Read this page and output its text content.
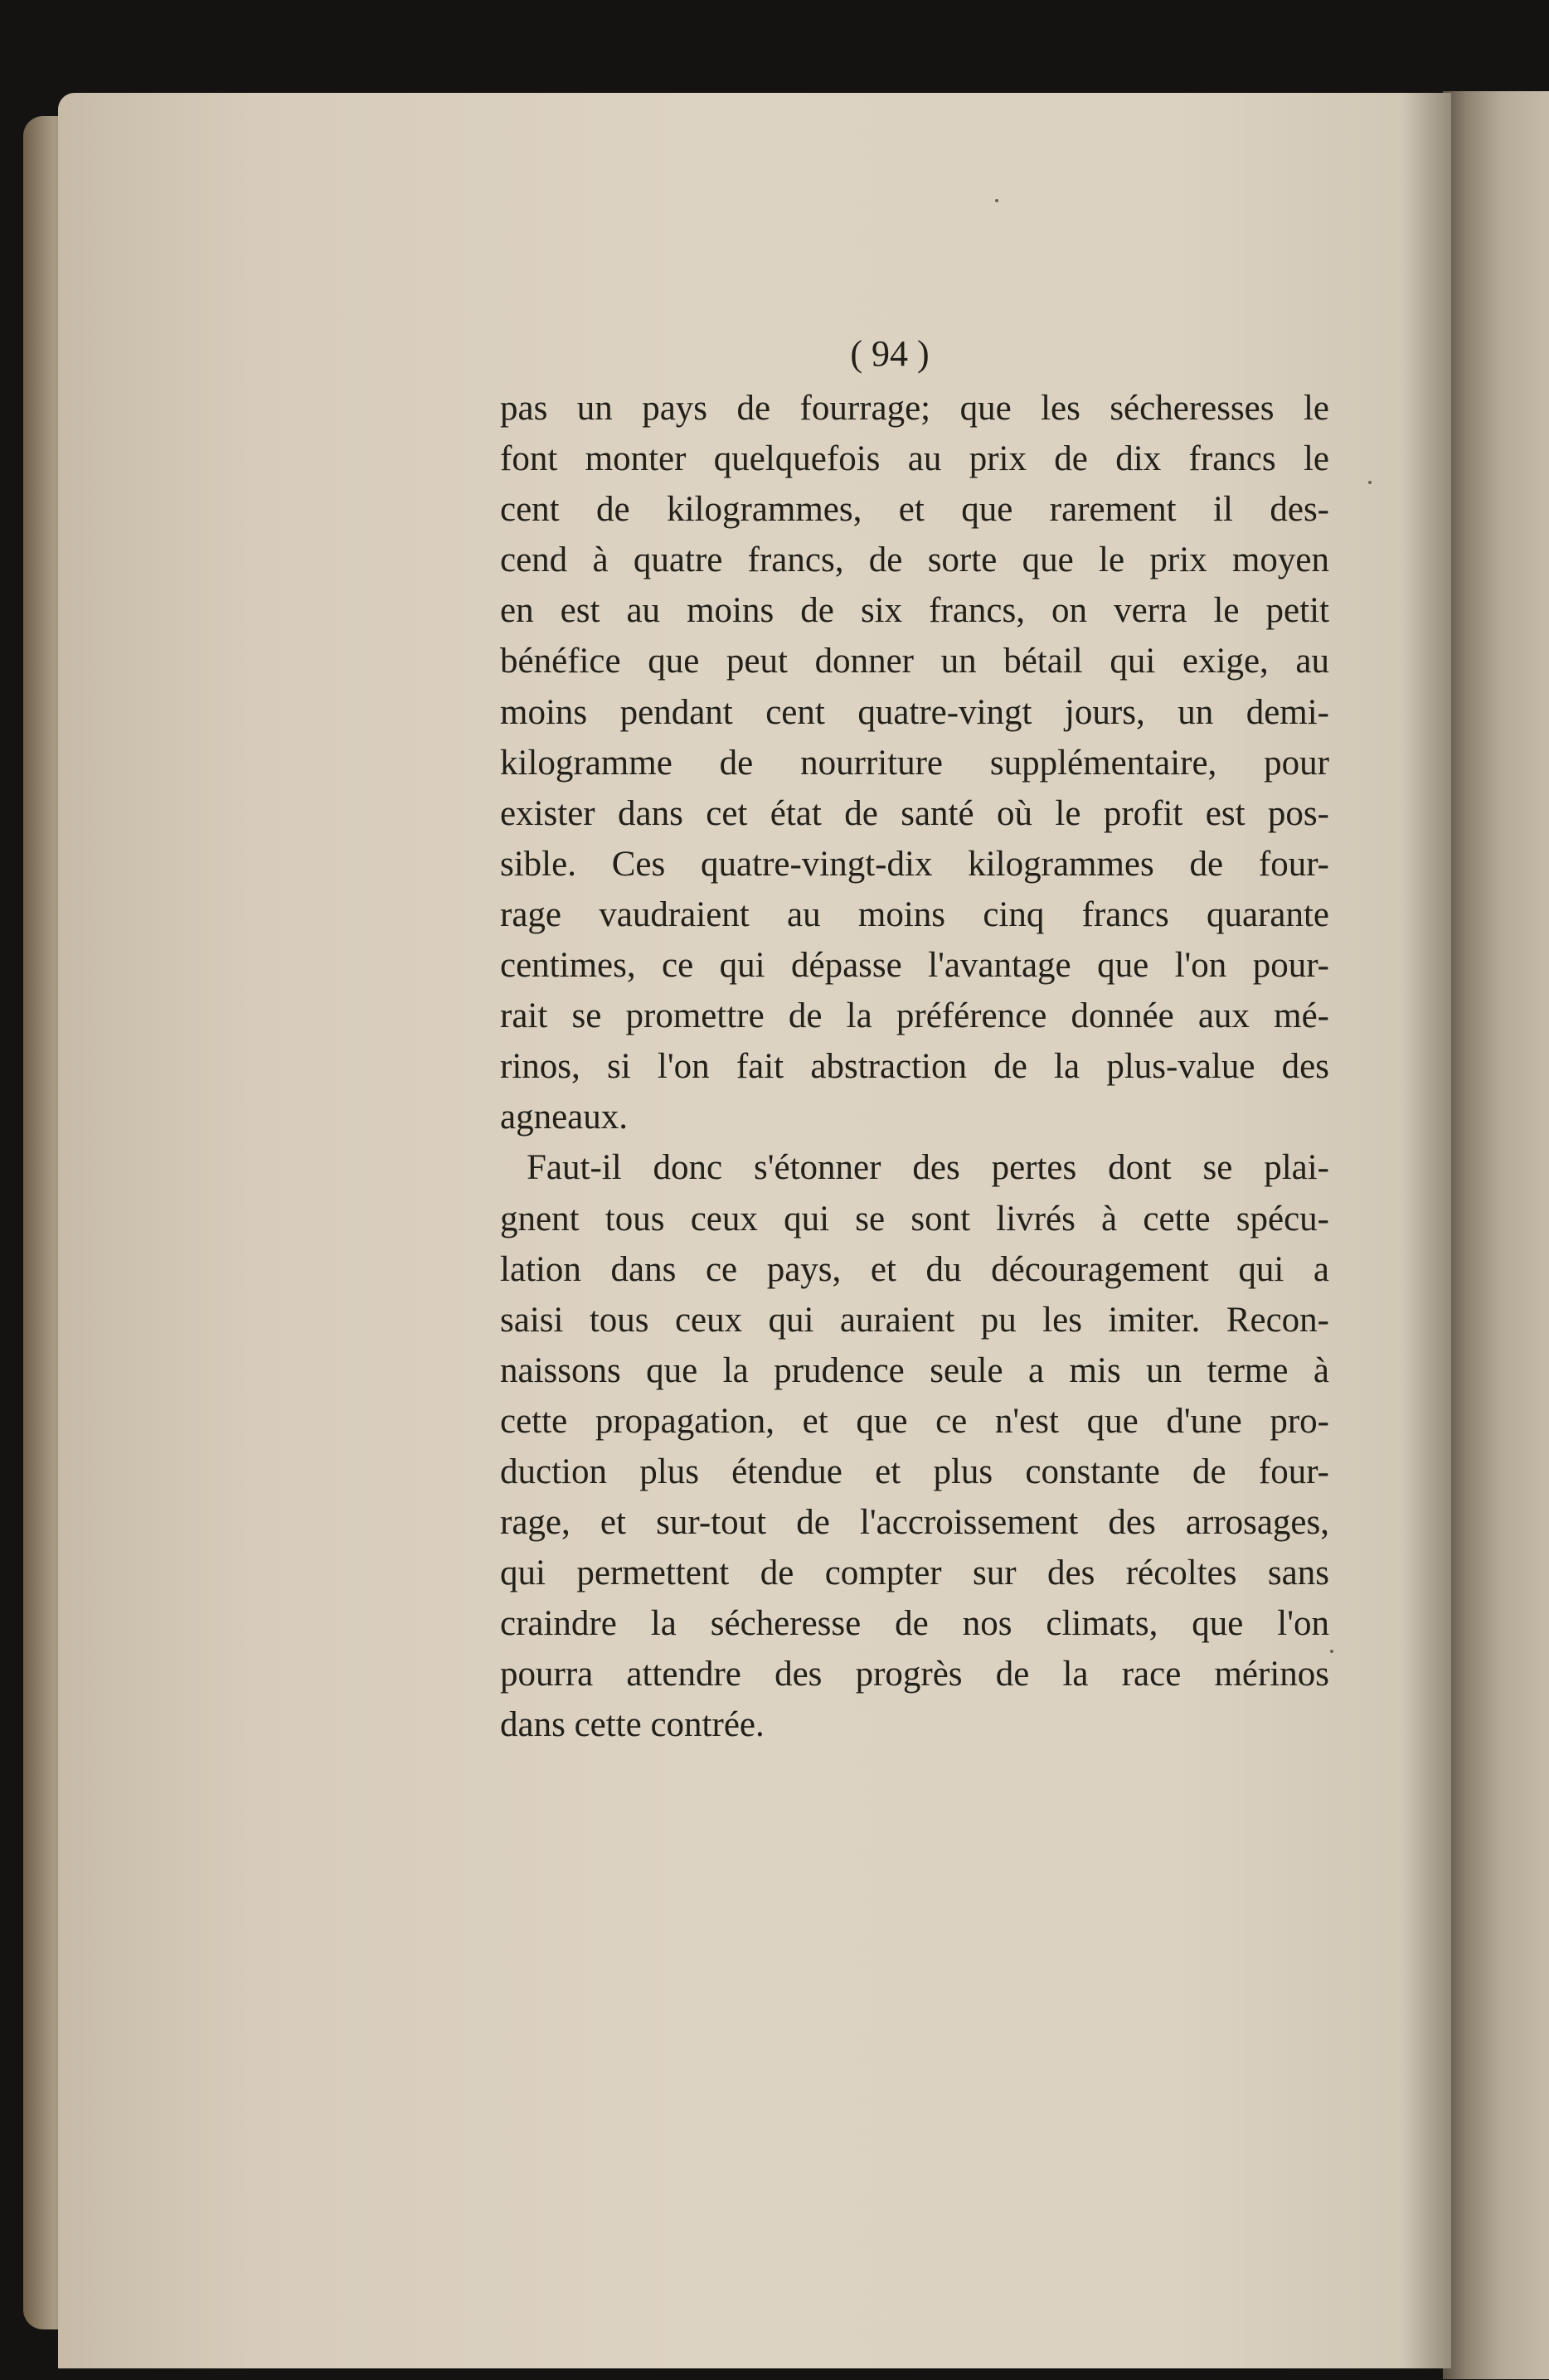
( 94 )
pas un pays de fourrage; que les sécheresses le
font monter quelquefois au prix de dix francs le
cent de kilogrammes, et que rarement il des-
cend à quatre francs, de sorte que le prix moyen
en est au moins de six francs, on verra le petit
bénéfice que peut donner un bétail qui exige, au
moins pendant cent quatre-vingt jours, un demi-
kilogramme de nourriture supplémentaire, pour
exister dans cet état de santé où le profit est pos-
sible. Ces quatre-vingt-dix kilogrammes de four-
rage vaudraient au moins cinq francs quarante
centimes, ce qui dépasse l'avantage que l'on pour-
rait se promettre de la préférence donnée aux mé-
rinos, si l'on fait abstraction de la plus-value des
agneaux.
Faut-il donc s'étonner des pertes dont se plai-
gnent tous ceux qui se sont livrés à cette spécu-
lation dans ce pays, et du découragement qui a
saisi tous ceux qui auraient pu les imiter. Recon-
naissons que la prudence seule a mis un terme à
cette propagation, et que ce n'est que d'une pro-
duction plus étendue et plus constante de four-
rage, et sur-tout de l'accroissement des arrosages,
qui permettent de compter sur des récoltes sans
craindre la sécheresse de nos climats, que l'on
pourra attendre des progrès de la race mérinos
dans cette contrée.
